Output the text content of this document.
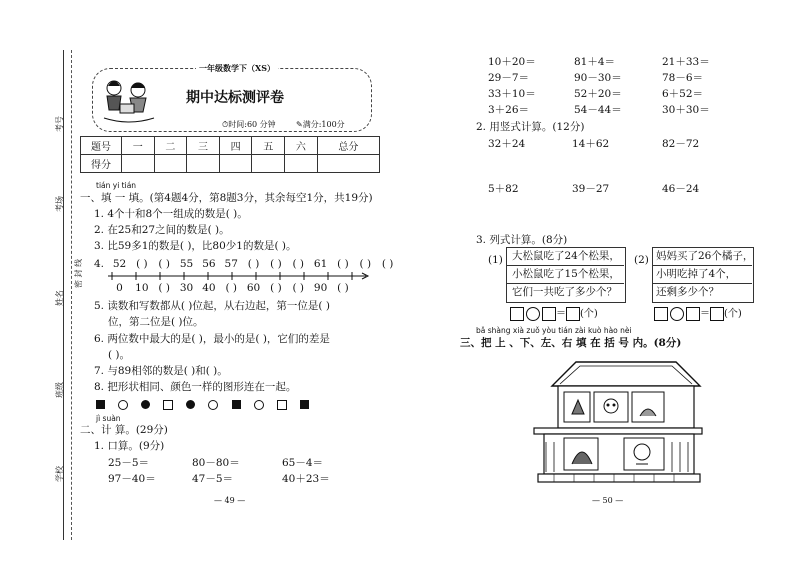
考号
考场
密 封 线
姓名
班级
学校
一年级数学下（XS）
期中达标测评卷
⏱时间:60 分钟	✎满分:100分
题号	一	二	三	四	五	六	总分
得分							
tián yi tián
一、填 一 填。(第4题4分，第8题3分，其余每空1分，共19分)
1. 4个十和8个一组成的数是( )。
2. 在25和27之间的数是( )。
3. 比59多1的数是( )，比80少1的数是( )。
4. 52 ( ) ( ) 55 56 57 ( ) ( ) ( ) 61 ( ) ( ) ( )
0 10 ( ) 30 40 ( ) 60 ( ) ( ) 90 ( )
5. 读数和写数都从( )位起，从右边起，第一位是( )
位，第二位是( )位。
6. 两位数中最大的是( )，最小的是( )，它们的差是
( )。
7. 与89相邻的数是( )和( )。
8. 把形状相同、颜色一样的图形连在一起。

jì suàn
二、计 算。(29分)
1. 口算。(9分)
25－5＝	80－80＝	65－4＝
97－40＝	47－5＝	40＋23＝
— 49 —
10＋20＝	81＋4＝	21＋33＝
29－7＝	90－30＝	78－6＝
33＋10＝	52＋20＝	6＋52＝
3＋26＝	54－44＝	30＋30＝
2. 用竖式计算。(12分)
32＋24	14＋62	82－72
5＋82	39－27	46－24
3. 列式计算。(8分)
(1) 大松鼠吃了24个松果，
小松鼠吃了15个松果，
它们一共吃了多少个？
＝ (个)
(2) 妈妈买了26个橘子，
小明吃掉了4个，
还剩多少个？
＝ (个)
bǎ shàng xià zuǒ yòu tián zài kuò hào nèi
三、把 上 、下、左、右 填 在 括 号 内。(8分)
— 50 —
